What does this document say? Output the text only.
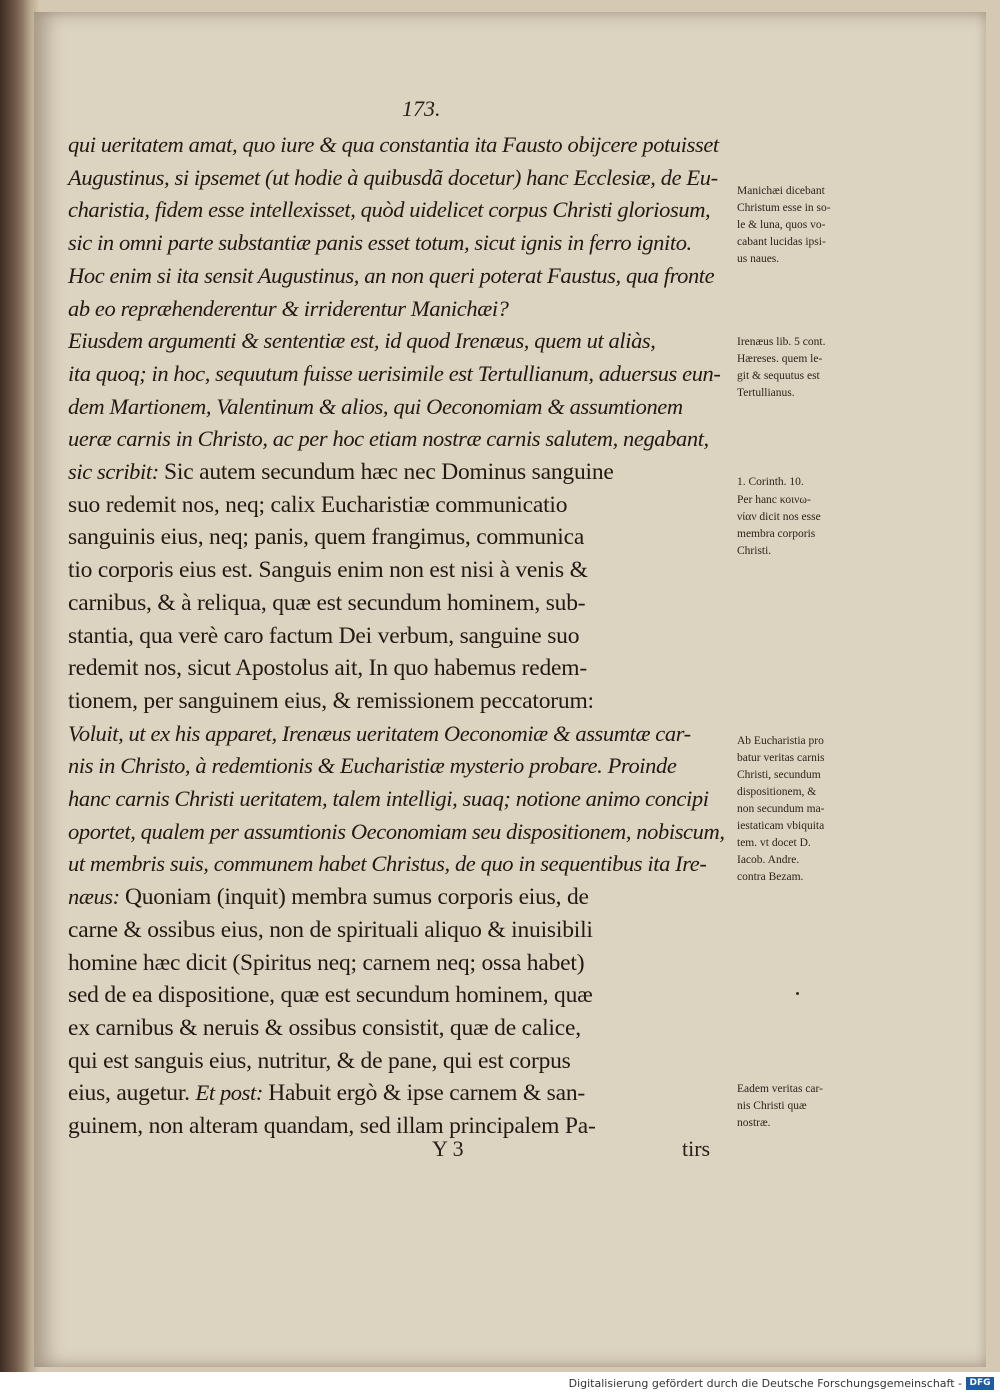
173.
qui ueritatem amat, quo iure & qua constantia ita Fausto obijcere potuisset
Augustinus, si ipsemet (ut hodie à quibusdã docetur) hanc Ecclesiæ, de Eu-
charistia, fidem esse intellexisset, quòd uidelicet corpus Christi gloriosum,
sic in omni parte substantiæ panis esset totum, sicut ignis in ferro ignito.
Hoc enim si ita sensit Augustinus, an non queri poterat Faustus, qua fronte
ab eo repræhenderentur & irriderentur Manichæi?
Eiusdem argumenti & sententiæ est, id quod Irenæus, quem ut aliàs,
ita quoq; in hoc, sequutum fuisse uerisimile est Tertullianum, aduersus eun-
dem Martionem, Valentinum & alios, qui Oeconomiam & assumtionem
ueræ carnis in Christo, ac per hoc etiam nostræ carnis salutem, negabant,
sic scribit: Sic autem secundum hæc nec Dominus sanguine
suo redemit nos, neq; calix Eucharistiæ communicatio
sanguinis eius, neq; panis, quem frangimus, communica
tio corporis eius est. Sanguis enim non est nisi à venis &
carnibus, & à reliqua, quæ est secundum hominem, sub-
stantia, qua verè caro factum Dei verbum, sanguine suo
redemit nos, sicut Apostolus ait, In quo habemus redem-
tionem, per sanguinem eius, & remissionem peccatorum:
Voluit, ut ex his apparet, Irenæus ueritatem Oeconomiæ & assumtæ car-
nis in Christo, à redemtionis & Eucharistiæ mysterio probare. Proinde
hanc carnis Christi ueritatem, talem intelligi, suaq; notione animo concipi
oportet, qualem per assumtionis Oeconomiam seu dispositionem, nobiscum,
ut membris suis, communem habet Christus, de quo in sequentibus ita Ire-
næus: Quoniam (inquit) membra sumus corporis eius, de
carne & ossibus eius, non de spirituali aliquo & inuisibili
homine hæc dicit (Spiritus neq; carnem neq; ossa habet)
sed de ea dispositione, quæ est secundum hominem, quæ
ex carnibus & neruis & ossibus consistit, quæ de calice,
qui est sanguis eius, nutritur, & de pane, qui est corpus
eius, augetur. Et post: Habuit ergò & ipse carnem & san-
guinem, non alteram quandam, sed illam principalem Pa-
Manichæi dicebant
Christum esse in so-
le & luna, quos vo-
cabant lucidas ipsi-
us naues.
Irenæus lib. 5 cont.
Hæreses. quem le-
git & sequutus est
Tertullianus.
1. Corinth. 10.
Per hanc κοινω-
νίαν dicit nos esse
membra corporis
Christi.
Ab Eucharistia pro
batur veritas carnis
Christi, secundum
dispositionem, &
non secundum ma-
iestaticam vbiquita
tem. vt docet D.
Iacob. Andre.
contra Bezam.
Eadem veritas car-
nis Christi quæ
nostræ.
Y 3	tirs
Digitalisierung gefördert durch die Deutsche Forschungsgemeinschaft - DFG
